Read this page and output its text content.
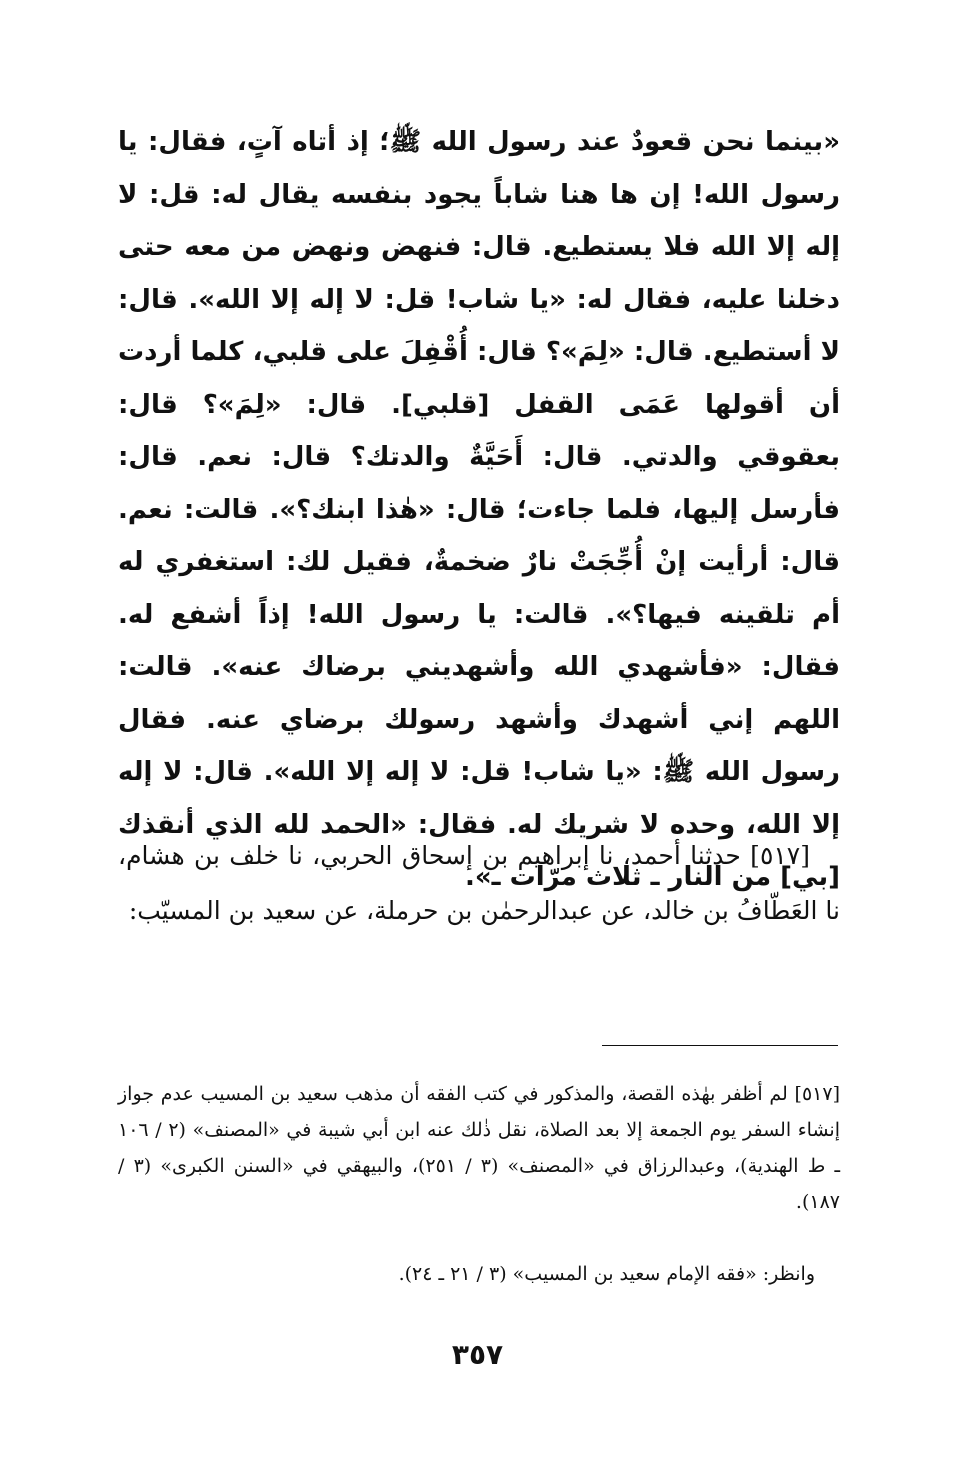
«بينما نحن قعودٌ عند رسول الله ﷺ؛ إذ أتاه آتٍ، فقال: يا رسول الله! إن ها هنا شاباً يجود بنفسه يقال له: قل: لا إله إلا الله فلا يستطيع. قال: فنهض ونهض من معه حتى دخلنا عليه، فقال له: «يا شاب! قل: لا إله إلا الله». قال: لا أستطيع. قال: «لِمَ»؟ قال: أُقْفِلَ على قلبي، كلما أردت أن أقولها عَمَى القفل [قلبي]. قال: «لِمَ»؟ قال: بعقوقي والدتي. قال: أَحَيَّةٌ والدتك؟ قال: نعم. قال: فأرسل إليها، فلما جاءت؛ قال: «هٰذا ابنك؟». قالت: نعم. قال: أرأيت إنْ أُجِّجَتْ نارٌ ضخمةٌ، فقيل لك: استغفري له أم تلقينه فيها؟». قالت: يا رسول الله! إذاً أشفع له. فقال: «فأشهدي الله وأشهديني برضاك عنه». قالت: اللهم إني أشهدك وأشهد رسولك برضاي عنه. فقال رسول الله ﷺ: «يا شاب! قل: لا إله إلا الله». قال: لا إله إلا الله، وحده لا شريك له. فقال: «الحمد لله الذي أنقذك [بي] من النار ـ ثلاث مرّات ـ».

[٥١٧] حدثنا أحمد، نا إبراهيم بن إسحاق الحربي، نا خلف بن هشام، نا العَطّافُ بن خالد، عن عبدالرحمٰن بن حرملة، عن سعيد بن المسيّب:

[٥١٧] لم أظفر بهٰذه القصة، والمذكور في كتب الفقه أن مذهب سعيد بن المسيب عدم جواز إنشاء السفر يوم الجمعة إلا بعد الصلاة، نقل ذٰلك عنه ابن أبي شيبة في «المصنف» (٢ / ١٠٦ ـ ط الهندية)، وعبدالرزاق في «المصنف» (٣ / ٢٥١)، والبيهقي في «السنن الكبرى» (٣ / ١٨٧).

وانظر: «فقه الإمام سعيد بن المسيب» (٣ / ٢١ ـ ٢٤).

٣٥٧
